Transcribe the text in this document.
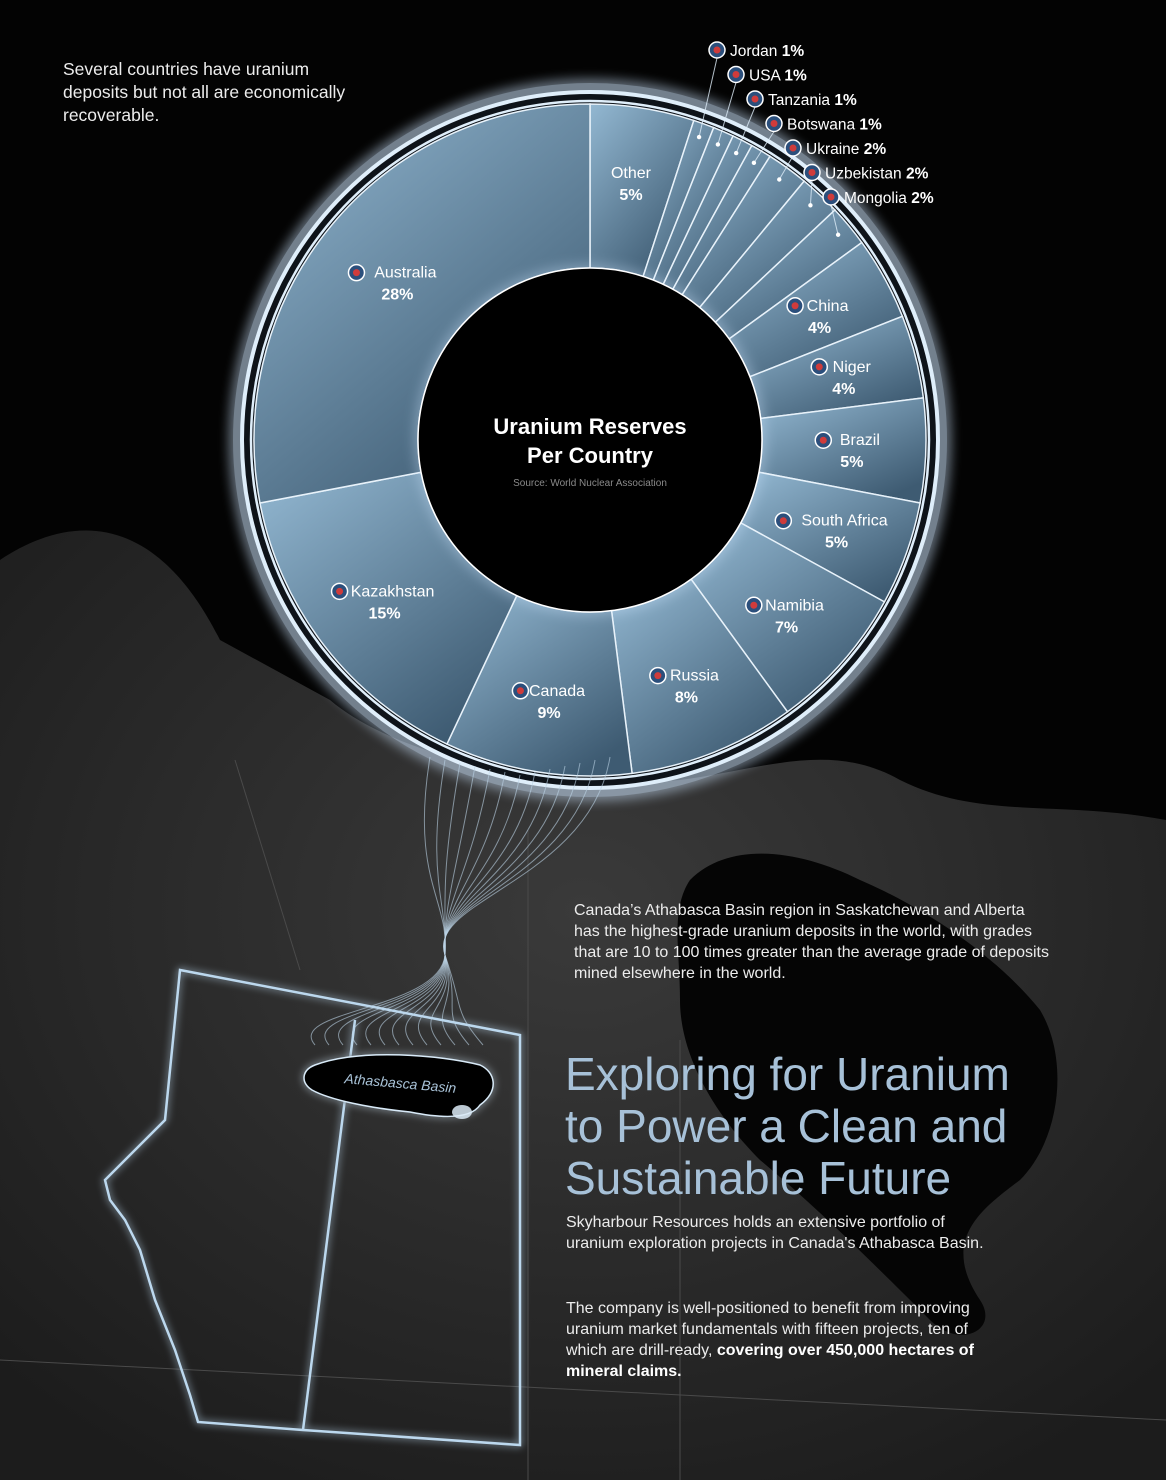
Athasbasca Basin
Other
5%
China
4%
Niger
4%
Brazil
5%
South Africa
5%
Namibia
7%
Russia
8%
Canada
9%
Kazakhstan
15%
Australia
28%
Jordan 1%
USA 1%
Tanzania 1%
Botswana 1%
Ukraine 2%
Uzbekistan 2%
Mongolia 2%
Uranium Reserves
Per Country
Source: World Nuclear Association

Several countries have uranium deposits but not all are economically recoverable.

Canada’s Athabasca Basin region in Saskatchewan and Alberta has the highest-grade uranium deposits in the world, with grades that are 10 to 100 times greater than the average grade of deposits mined elsewhere in the world.

Exploring for Uranium
to Power a Clean and
Sustainable Future

Skyharbour Resources holds an extensive portfolio of uranium exploration projects in Canada's Athabasca Basin.

The company is well-positioned to benefit from improving uranium market fundamentals with fifteen projects, ten of which are drill-ready, covering over 450,000 hectares of mineral claims.
